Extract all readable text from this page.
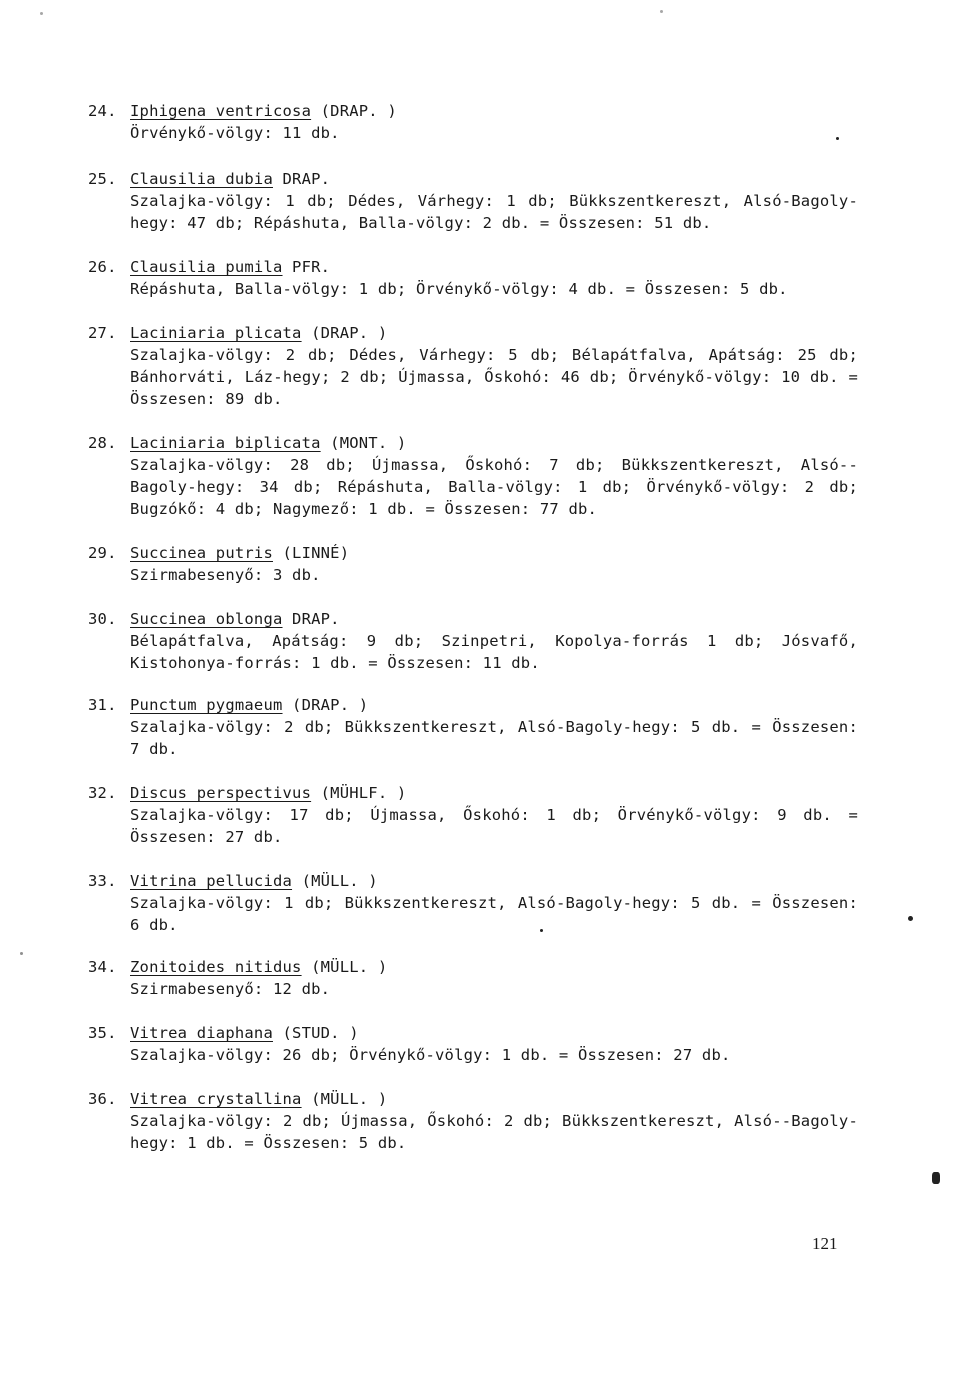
24. Iphigena ventricosa (DRAP. )
Örvénykő-völgy: 11 db.
25. Clausilia dubia DRAP.
Szalajka-völgy: 1 db; Dédes, Várhegy: 1 db; Bükkszentkereszt, Alsó-Bagoly-hegy: 47 db; Répáshuta, Balla-völgy: 2 db. = Összesen: 51 db.
26. Clausilia pumila PFR.
Répáshuta, Balla-völgy: 1 db; Örvénykő-völgy: 4 db. = Összesen: 5 db.
27. Laciniaria plicata (DRAP. )
Szalajka-völgy: 2 db; Dédes, Várhegy: 5 db; Bélapátfalva, Apátság: 25 db; Bánhorváti, Láz-hegy; 2 db; Újmassa, Őskohó: 46 db; Örvénykő-völgy: 10 db. = Összesen: 89 db.
28. Laciniaria biplicata (MONT. )
Szalajka-völgy: 28 db; Újmassa, Őskohó: 7 db; Bükkszentkereszt, Alsó--Bagoly-hegy: 34 db; Répáshuta, Balla-völgy: 1 db; Örvénykő-völgy: 2 db; Bugzókő: 4 db; Nagymező: 1 db. = Összesen: 77 db.
29. Succinea putris (LINNÉ)
Szirmabesenyő: 3 db.
30. Succinea oblonga DRAP.
Bélapátfalva, Apátság: 9 db; Szinpetri, Kopolya-forrás 1 db; Jósvafő, Kistohonya-forrás: 1 db. = Összesen: 11 db.
31. Punctum pygmaeum (DRAP. )
Szalajka-völgy: 2 db; Bükkszentkereszt, Alsó-Bagoly-hegy: 5 db. = Összesen: 7 db.
32. Discus perspectivus (MÜHLF. )
Szalajka-völgy: 17 db; Újmassa, Őskohó: 1 db; Örvénykő-völgy: 9 db. = Összesen: 27 db.
33. Vitrina pellucida (MÜLL. )
Szalajka-völgy: 1 db; Bükkszentkereszt, Alsó-Bagoly-hegy: 5 db. = Összesen: 6 db.
34. Zonitoides nitidus (MÜLL. )
Szirmabesenyő: 12 db.
35. Vitrea diaphana (STUD. )
Szalajka-völgy: 26 db; Örvénykő-völgy: 1 db. = Összesen: 27 db.
36. Vitrea crystallina (MÜLL. )
Szalajka-völgy: 2 db; Újmassa, Őskohó: 2 db; Bükkszentkereszt, Alsó--Bagoly-hegy: 1 db. = Összesen: 5 db.
121
